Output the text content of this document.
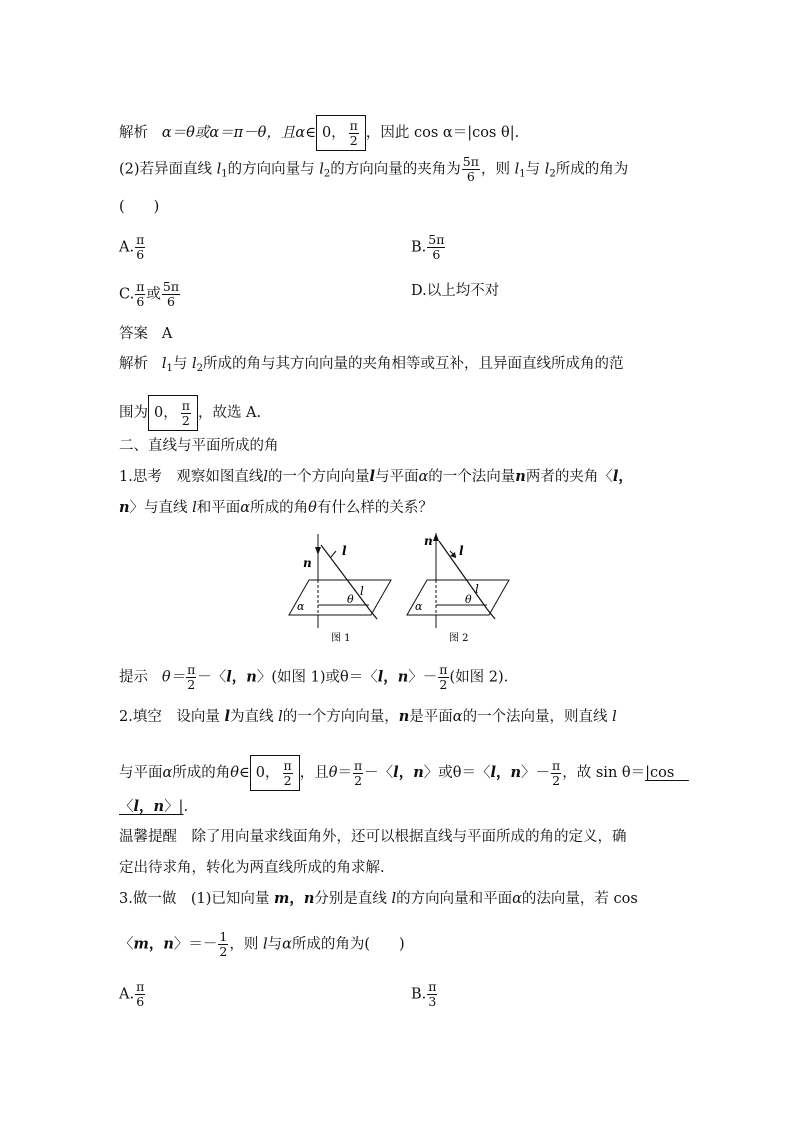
解析 α＝θ或α＝π－θ，且α∈ 0， $\frac{\pi}{2}$ ，因此 cos α＝|cos θ|.
(2)若异面直线 $l_1$的方向向量与 $l_2$的方向向量的夹角为 $\frac{5\pi}{6}$ ，则 $l_1$与 $l_2$所成的角为
(　　)
A. $\frac{\pi}{6}$	B. $\frac{5\pi}{6}$
C. $\frac{\pi}{6}$ 或 $\frac{5\pi}{6}$	D.以上均不对
答案 A
解析 $l_1$与 $l_2$所成的角与其方向向量的夹角相等或互补，且异面直线所成角的范
围为 0， $\frac{\pi}{2}$ ，故选 A.
二、直线与平面所成的角
1.思考　观察如图直线l的一个方向向量l与平面α的一个法向量n两者的夹角〈l，
n〉与直线 l和平面α所成的角θ有什么样的关系？
n
l
l
θ
α
图 1
n
l
l
θ
α
图 2
提示 $\theta= \frac{\pi}{2}$ －〈l，n〉(如图 1)或θ＝〈l，n〉－ $\frac{\pi}{2}$ (如图 2).
2.填空　设向量 l为直线 l的一个方向向量，n是平面α的一个法向量，则直线 l
与平面α所成的角θ∈ 0， $\frac{\pi}{2}$ ，且$\theta= \frac{\pi}{2}$ －〈l，n〉或θ＝〈l，n〉－ $\frac{\pi}{2}$ ，故 sin θ＝|cos　
〈l，n〉|.
温馨提醒　除了用向量求线面角外，还可以根据直线与平面所成的角的定义，确
定出待求角，转化为两直线所成的角求解.
3.做一做　(1)已知向量 m，n分别是直线 l的方向向量和平面α的法向量，若 cos
〈m，n〉＝－ $\frac{1}{2}$ ，则 l与α所成的角为(　　)
A. $\frac{\pi}{6}$	B. $\frac{\pi}{3}$
